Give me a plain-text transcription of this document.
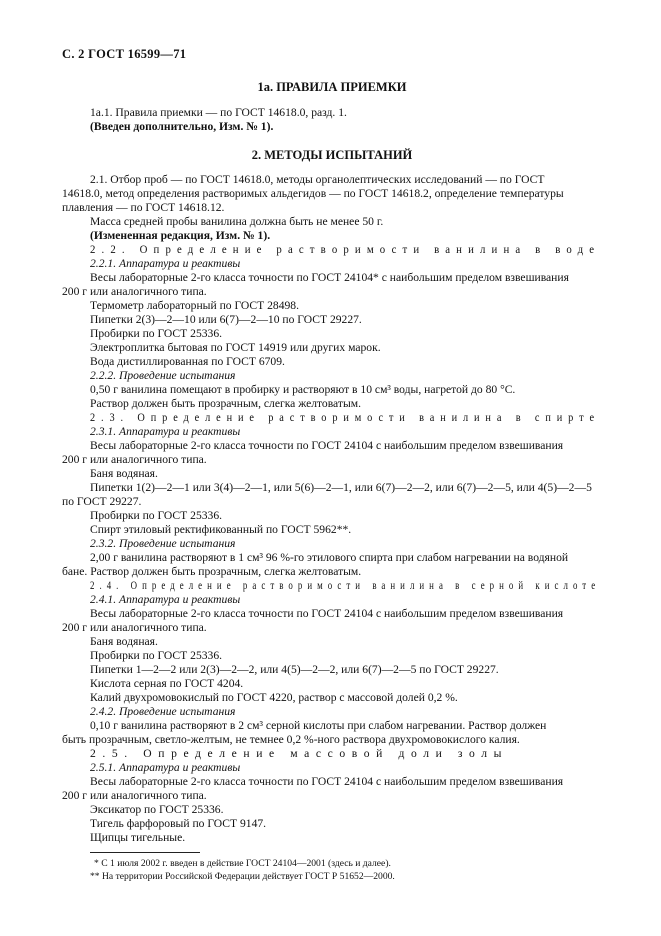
С. 2 ГОСТ 16599—71
1а. ПРАВИЛА ПРИЕМКИ
1а.1. Правила приемки — по ГОСТ 14618.0, разд. 1.
(Введен дополнительно, Изм. № 1).
2. МЕТОДЫ ИСПЫТАНИЙ
2.1. Отбор проб — по ГОСТ 14618.0, методы органолептических исследований — по ГОСТ
14618.0, метод определения растворимых альдегидов — по ГОСТ 14618.2, определение температуры
плавления — по ГОСТ 14618.12.
Масса средней пробы ванилина должна быть не менее 50 г.
(Измененная редакция, Изм. № 1).
2.2. Определение растворимости ванилина в воде
2.2.1. Аппаратура и реактивы
Весы лабораторные 2-го класса точности по ГОСТ 24104* с наибольшим пределом взвешивания
200 г или аналогичного типа.
Термометр лабораторный по ГОСТ 28498.
Пипетки 2(3)—2—10 или 6(7)—2—10 по ГОСТ 29227.
Пробирки по ГОСТ 25336.
Электроплитка бытовая по ГОСТ 14919 или других марок.
Вода дистиллированная по ГОСТ 6709.
2.2.2. Проведение испытания
0,50 г ванилина помещают в пробирку и растворяют в 10 см³ воды, нагретой до 80 °С.
Раствор должен быть прозрачным, слегка желтоватым.
2.3. Определение растворимости ванилина в спирте
2.3.1. Аппаратура и реактивы
Весы лабораторные 2-го класса точности по ГОСТ 24104 с наибольшим пределом взвешивания
200 г или аналогичного типа.
Баня водяная.
Пипетки 1(2)—2—1 или 3(4)—2—1, или 5(6)—2—1, или 6(7)—2—2, или 6(7)—2—5, или 4(5)—2—5
по ГОСТ 29227.
Пробирки по ГОСТ 25336.
Спирт этиловый ректификованный по ГОСТ 5962**.
2.3.2. Проведение испытания
2,00 г ванилина растворяют в 1 см³ 96 %-го этилового спирта при слабом нагревании на водяной
бане. Раствор должен быть прозрачным, слегка желтоватым.
2.4. Определение растворимости ванилина в серной кислоте
2.4.1. Аппаратура и реактивы
Весы лабораторные 2-го класса точности по ГОСТ 24104 с наибольшим пределом взвешивания
200 г или аналогичного типа.
Баня водяная.
Пробирки по ГОСТ 25336.
Пипетки 1—2—2 или 2(3)—2—2, или 4(5)—2—2, или 6(7)—2—5 по ГОСТ 29227.
Кислота серная по ГОСТ 4204.
Калий двухромовокислый по ГОСТ 4220, раствор с массовой долей 0,2 %.
2.4.2. Проведение испытания
0,10 г ванилина растворяют в 2 см³ серной кислоты при слабом нагревании. Раствор должен
быть прозрачным, светло-желтым, не темнее 0,2 %-ного раствора двухромовокислого калия.
2.5. Определение массовой доли золы
2.5.1. Аппаратура и реактивы
Весы лабораторные 2-го класса точности по ГОСТ 24104 с наибольшим пределом взвешивания
200 г или аналогичного типа.
Эксикатор по ГОСТ 25336.
Тигель фарфоровый по ГОСТ 9147.
Щипцы тигельные.
* С 1 июля 2002 г. введен в действие ГОСТ 24104—2001 (здесь и далее).
** На территории Российской Федерации действует ГОСТ Р 51652—2000.
